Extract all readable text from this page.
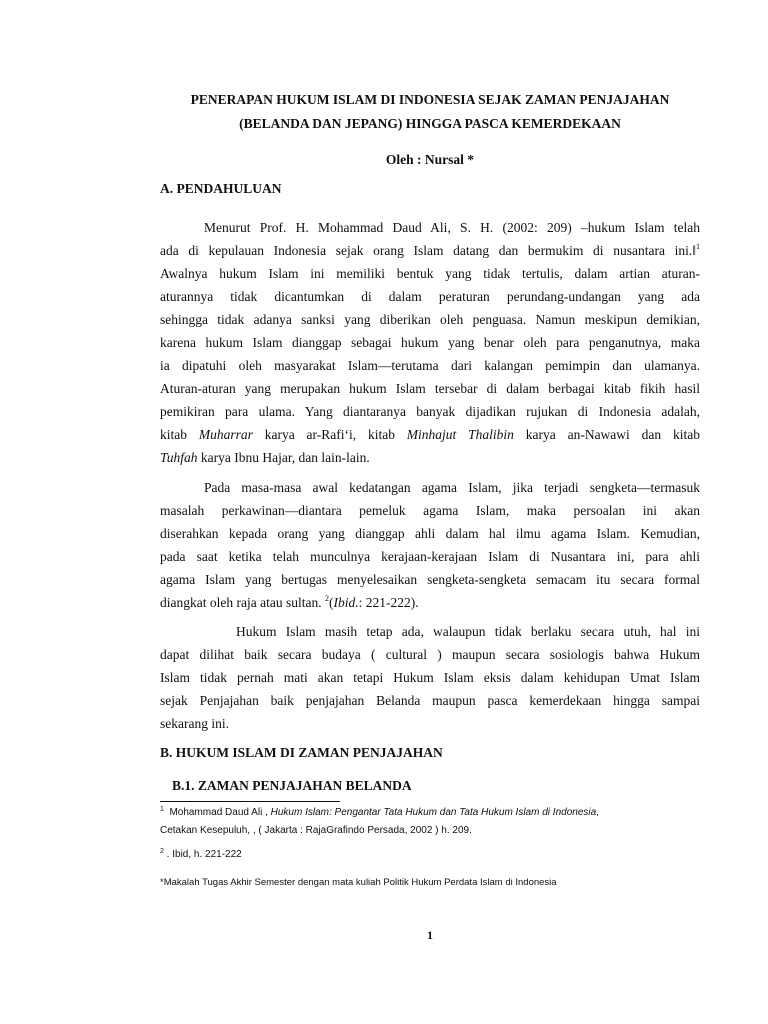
PENERAPAN HUKUM ISLAM DI INDONESIA SEJAK ZAMAN PENJAJAHAN
(BELANDA DAN JEPANG) HINGGA PASCA KEMERDEKAAN
Oleh : Nursal *
A. PENDAHULUAN
Menurut Prof. H. Mohammad Daud Ali, S. H. (2002: 209) –hukum Islam telah
ada di kepulauan Indonesia sejak orang Islam datang dan bermukim di nusantara ini.‖$^1$
Awalnya hukum Islam ini memiliki bentuk yang tidak tertulis, dalam artian aturan-
aturannya tidak dicantumkan di dalam peraturan perundang-undangan yang ada
sehingga tidak adanya sanksi yang diberikan oleh penguasa. Namun meskipun demikian,
karena hukum Islam dianggap sebagai hukum yang benar oleh para penganutnya, maka
ia dipatuhi oleh masyarakat Islam—terutama dari kalangan pemimpin dan ulamanya.
Aturan-aturan yang merupakan hukum Islam tersebar di dalam berbagai kitab fikih hasil
pemikiran para ulama. Yang diantaranya banyak dijadikan rujukan di Indonesia adalah,
kitab Muharrar karya ar-Rafi‘i, kitab Minhajut Thalibin karya an-Nawawi dan kitab
Tuhfah karya Ibnu Hajar, dan lain-lain.
Pada masa-masa awal kedatangan agama Islam, jika terjadi sengketa—termasuk
masalah perkawinan—diantara pemeluk agama Islam, maka persoalan ini akan
diserahkan kepada orang yang dianggap ahli dalam hal ilmu agama Islam. Kemudian,
pada saat ketika telah munculnya kerajaan-kerajaan Islam di Nusantara ini, para ahli
agama Islam yang bertugas menyelesaikan sengketa-sengketa semacam itu secara formal
diangkat oleh raja atau sultan. $^2$(Ibid.: 221-222).
Hukum Islam masih tetap ada, walaupun tidak berlaku secara utuh, hal ini
dapat dilihat baik secara budaya ( cultural ) maupun secara sosiologis bahwa Hukum
Islam tidak pernah mati akan tetapi Hukum Islam eksis dalam kehidupan Umat Islam
sejak Penjajahan baik penjajahan Belanda maupun pasca kemerdekaan hingga sampai
sekarang ini.
B. HUKUM ISLAM DI ZAMAN PENJAJAHAN
B.1. ZAMAN PENJAJAHAN BELANDA
$^1$  Mohammad Daud Ali , Hukum Islam: Pengantar Tata Hukum dan Tata Hukum Islam di Indonesia,
Cetakan Kesepuluh, , ( Jakarta : RajaGrafindo Persada, 2002 ) h. 209.
$^2$ . Ibid, h. 221-222
*Makalah Tugas Akhir Semester dengan mata kuliah Politik Hukum Perdata Islam di Indonesia
1
